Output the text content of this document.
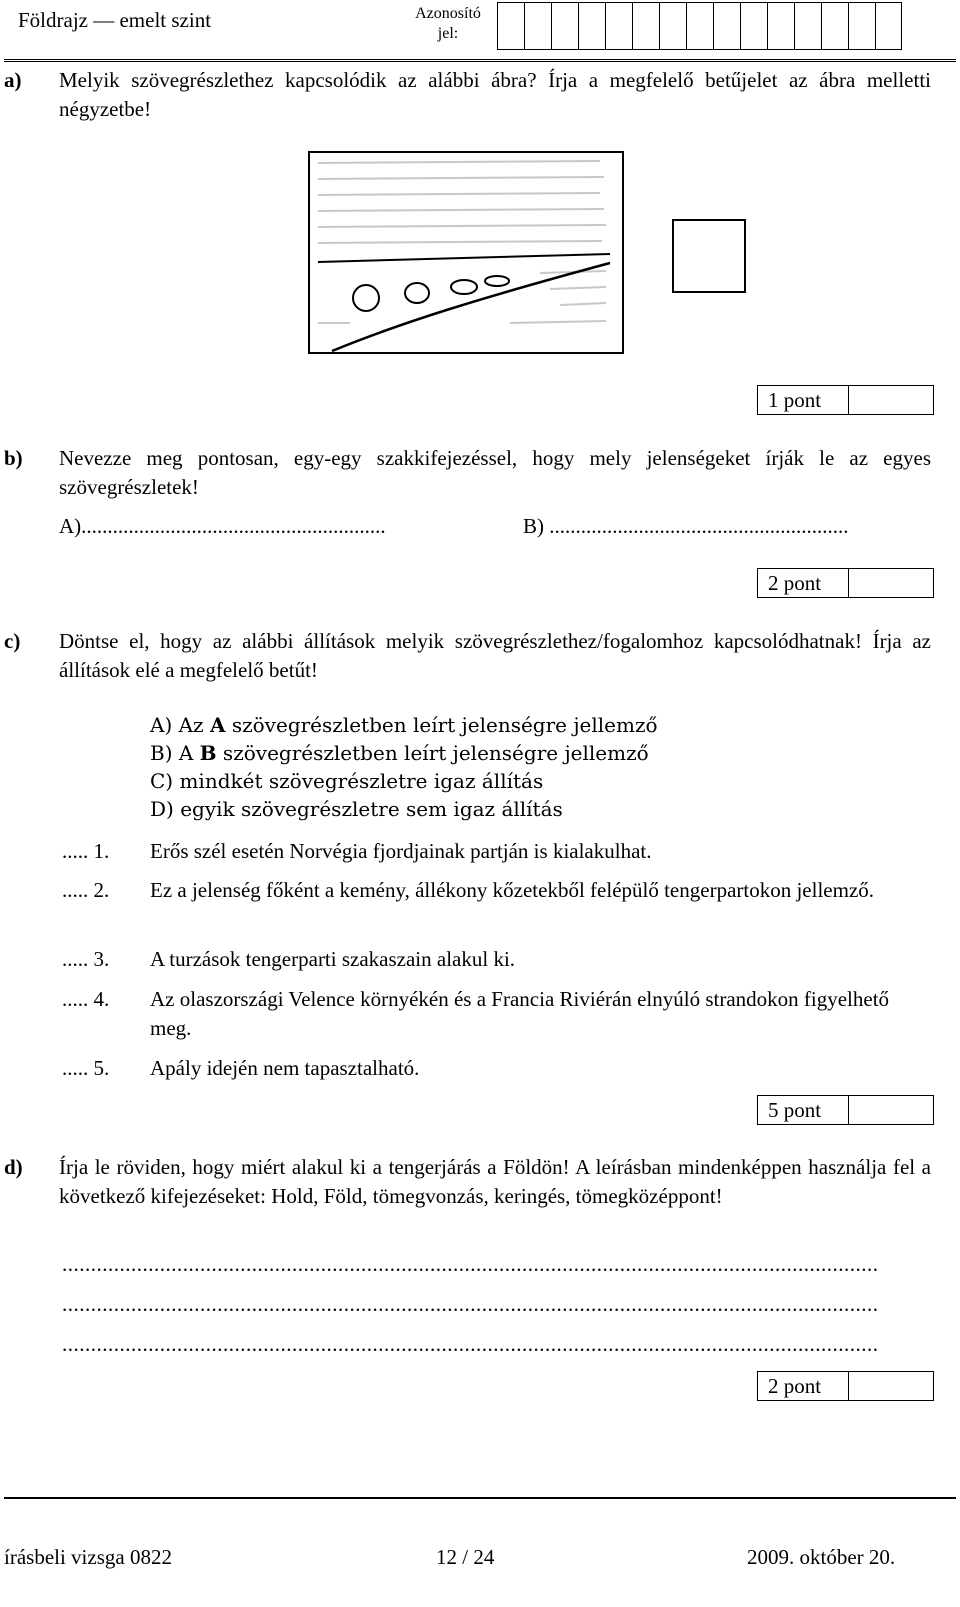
Földrajz — emelt szint	Azonosító
jel:
a) Melyik szövegrészlethez kapcsolódik az alábbi ábra? Írja a megfelelő betűjelet az ábra melletti négyzetbe!
1 pont
b) Nevezze meg pontosan, egy-egy szakkifejezéssel, hogy mely jelenségeket írják le az egyes szövegrészletek!
A)..........................................................	B) .........................................................
2 pont
c) Döntse el, hogy az alábbi állítások melyik szövegrészlethez/fogalomhoz kapcsolódhatnak! Írja az állítások elé a megfelelő betűt!
A) Az A szövegrészletben leírt jelenségre jellemző
B) A B szövegrészletben leírt jelenségre jellemző
C) mindkét szövegrészletre igaz állítás
D) egyik szövegrészletre sem igaz állítás
..... 1.	Erős szél esetén Norvégia fjordjainak partján is kialakulhat.
..... 2.	Ez a jelenség főként a kemény, állékony kőzetekből felépülő tengerpartokon jellemző.
..... 3.	A turzások tengerparti szakaszain alakul ki.
..... 4.	Az olaszországi Velence környékén és a Francia Riviérán elnyúló strandokon figyelhető meg.
..... 5.	Apály idején nem tapasztalható.
5 pont
d) Írja le röviden, hogy miért alakul ki a tengerjárás a Földön! A leírásban mindenképpen használja fel a következő kifejezéseket: Hold, Föld, tömegvonzás, keringés, tömegközéppont!
..............................................................................................................................................
..............................................................................................................................................
..............................................................................................................................................
2 pont
írásbeli vizsga 0822	12 / 24	2009. október 20.
